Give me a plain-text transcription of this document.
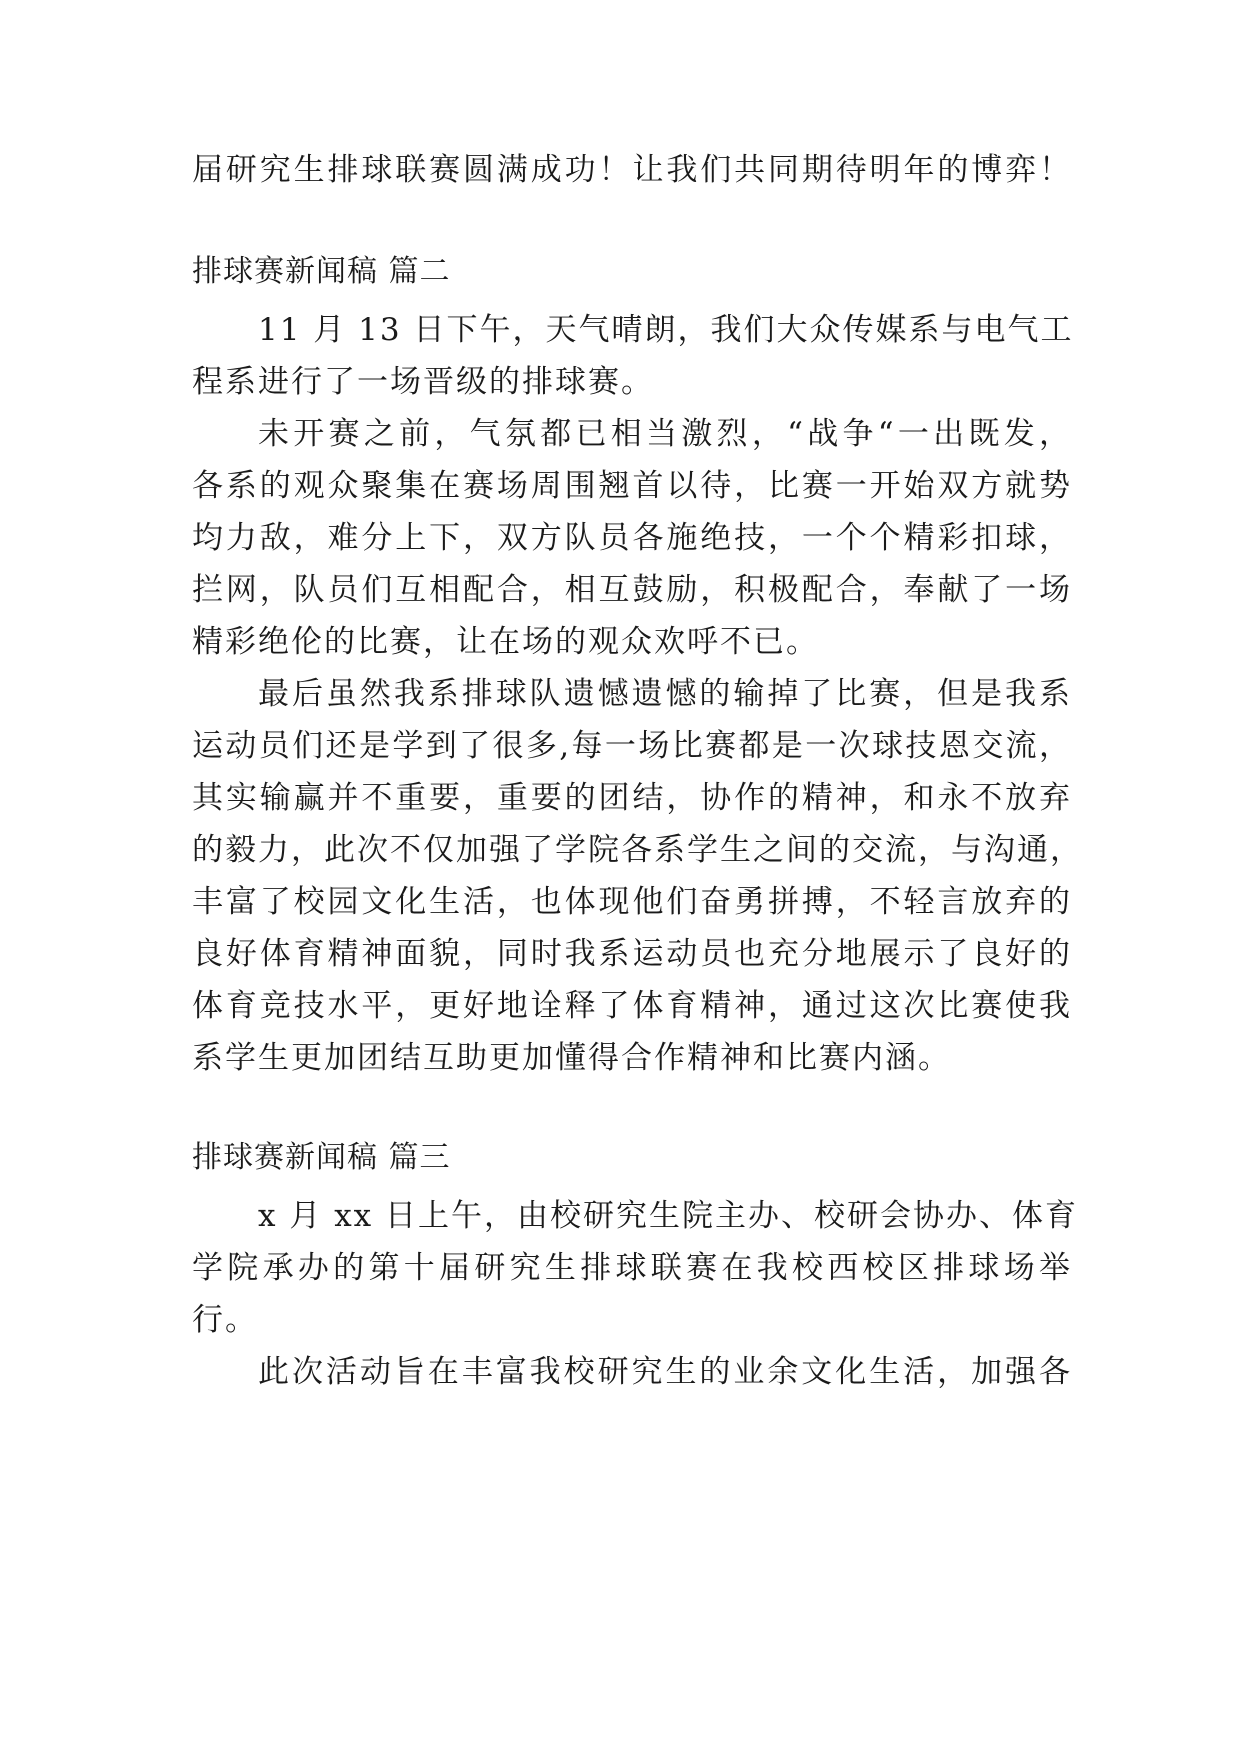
届研究生排球联赛圆满成功！让我们共同期待明年的博弈！
排球赛新闻稿 篇二
11 月 13 日下午，天气晴朗，我们大众传媒系与电气工
程系进行了一场晋级的排球赛。
未开赛之前，气氛都已相当激烈，“战争“一出既发，
各系的观众聚集在赛场周围翘首以待，比赛一开始双方就势
均力敌，难分上下，双方队员各施绝技，一个个精彩扣球，
拦网，队员们互相配合，相互鼓励，积极配合，奉献了一场
精彩绝伦的比赛，让在场的观众欢呼不已。
最后虽然我系排球队遗憾遗憾的输掉了比赛，但是我系
运动员们还是学到了很多,每一场比赛都是一次球技恩交流，
其实输赢并不重要，重要的团结，协作的精神，和永不放弃
的毅力，此次不仅加强了学院各系学生之间的交流，与沟通，
丰富了校园文化生活，也体现他们奋勇拼搏，不轻言放弃的
良好体育精神面貌，同时我系运动员也充分地展示了良好的
体育竞技水平，更好地诠释了体育精神，通过这次比赛使我
系学生更加团结互助更加懂得合作精神和比赛内涵。
排球赛新闻稿 篇三
x 月 xx 日上午，由校研究生院主办、校研会协办、体育
学院承办的第十届研究生排球联赛在我校西校区排球场举
行。
此次活动旨在丰富我校研究生的业余文化生活，加强各
